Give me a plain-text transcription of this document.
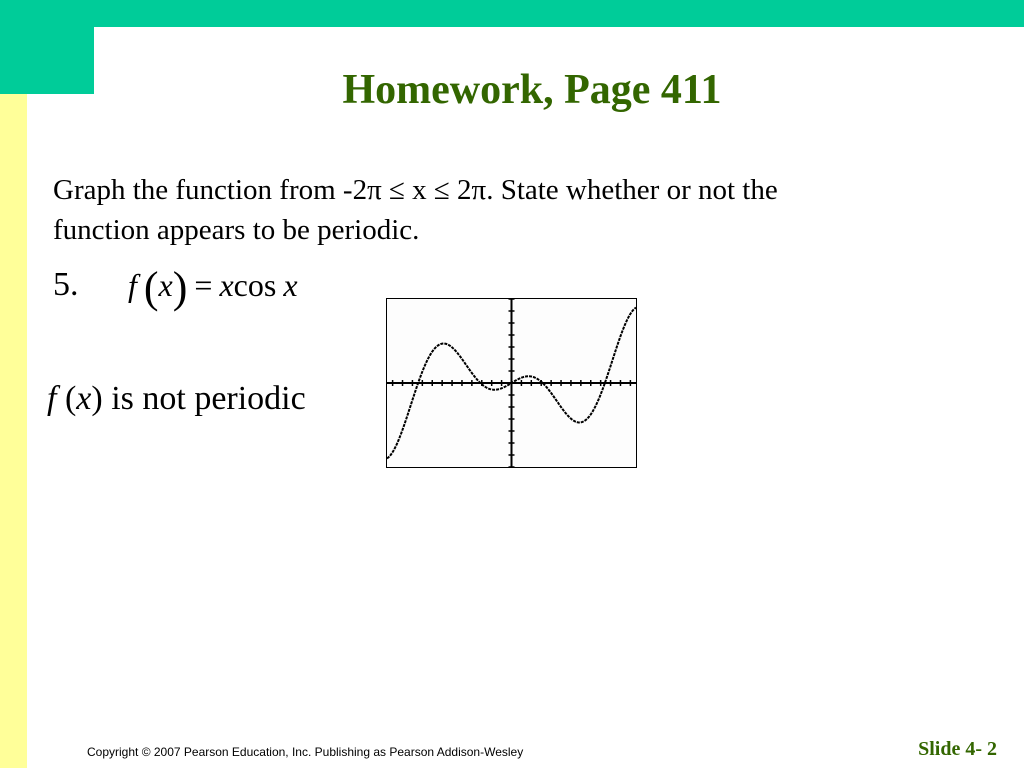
Homework, Page 411
Graph the function from -2π ≤ x ≤ 2π. State whether or not the
function appears to be periodic.
5. f (x) = xcos x
f (x) is not periodic
Copyright © 2007 Pearson Education, Inc. Publishing as Pearson Addison-Wesley	Slide 4- 2
